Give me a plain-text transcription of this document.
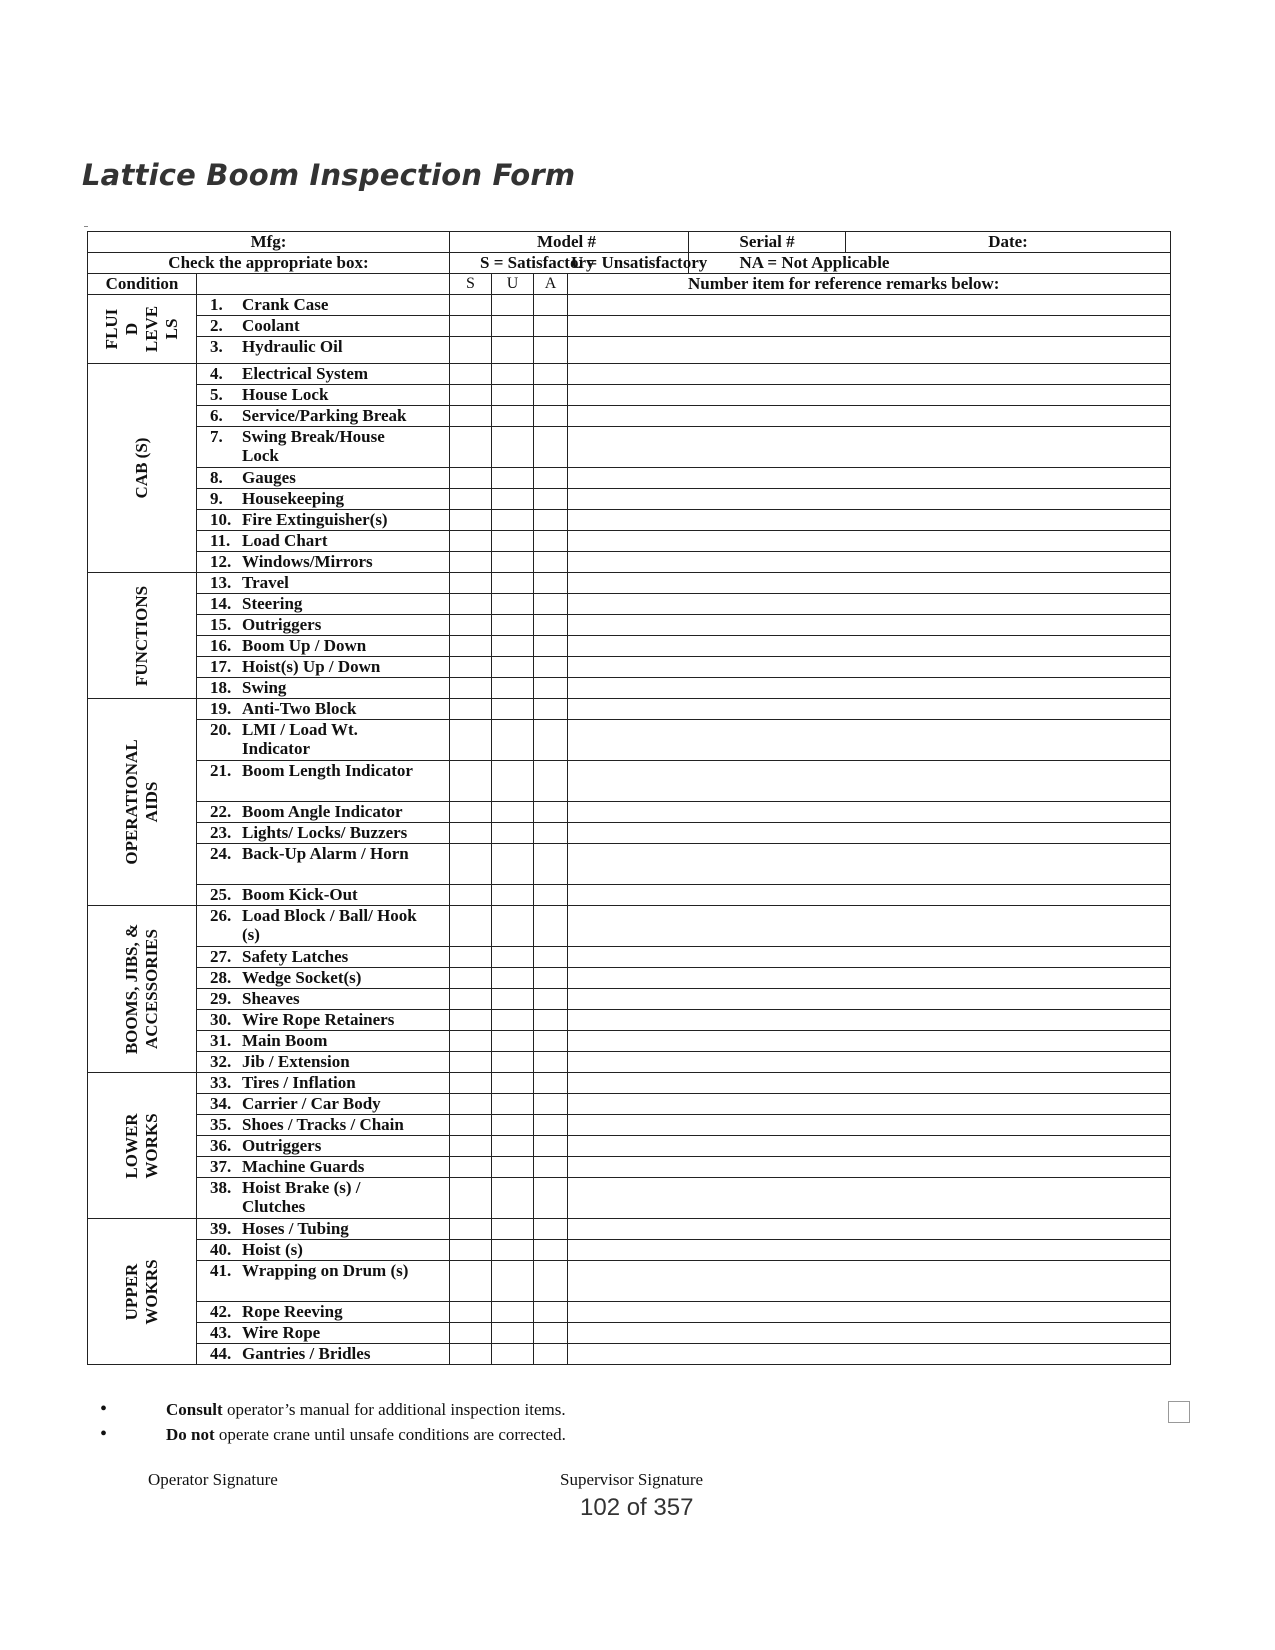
Lattice Boom Inspection Form
Mfg:		Model #				Serial #	Date:
Check the appropriate box:		S = Satisfactory				U = Unsatisfactory NA = Not Applicable	
Condition		S	U	A	Number item for reference remarks below:		

FLUI
D
LEVE
LS	1. Crank Case						
	2. Coolant						
	3. Hydraulic Oil						

CAB (S)	4. Electrical System						
	5. House Lock						
	6. Service/Parking Break						
	7. Swing Break/House Lock						
	8. Gauges						
	9. Housekeeping						
	10. Fire Extinguisher(s)						
	11. Load Chart						
	12. Windows/Mirrors						

FUNCTIONS	13. Travel						
	14. Steering						
	15. Outriggers						
	16. Boom Up / Down						
	17. Hoist(s) Up / Down						
	18. Swing						

OPERATIONAL
AIDS	19. Anti-Two Block						
	20. LMI / Load Wt. Indicator						
	21. Boom Length Indicator						
	22. Boom Angle Indicator						
	23. Lights/ Locks/ Buzzers						
	24. Back-Up Alarm / Horn						
	25. Boom Kick-Out						

BOOMS, JIBS, &
ACCESSORIES	26. Load Block / Ball/ Hook (s)						
	27. Safety Latches						
	28. Wedge Socket(s)						
	29. Sheaves						
	30. Wire Rope Retainers						
	31. Main Boom						
	32. Jib / Extension						

LOWER
WORKS	33. Tires / Inflation						
	34. Carrier / Car Body						
	35. Shoes / Tracks / Chain						
	36. Outriggers						
	37. Machine Guards						
	38. Hoist Brake (s) / Clutches						

UPPER
WOKRS	39. Hoses / Tubing						
	40. Hoist (s)						
	41. Wrapping on Drum (s)						
	42. Rope Reeving						
	43. Wire Rope						
	44. Gantries / Bridles						
• Consult operator’s manual for additional inspection items.
• Do not operate crane until unsafe conditions are corrected.
Operator Signature	Supervisor Signature
102 of 357
